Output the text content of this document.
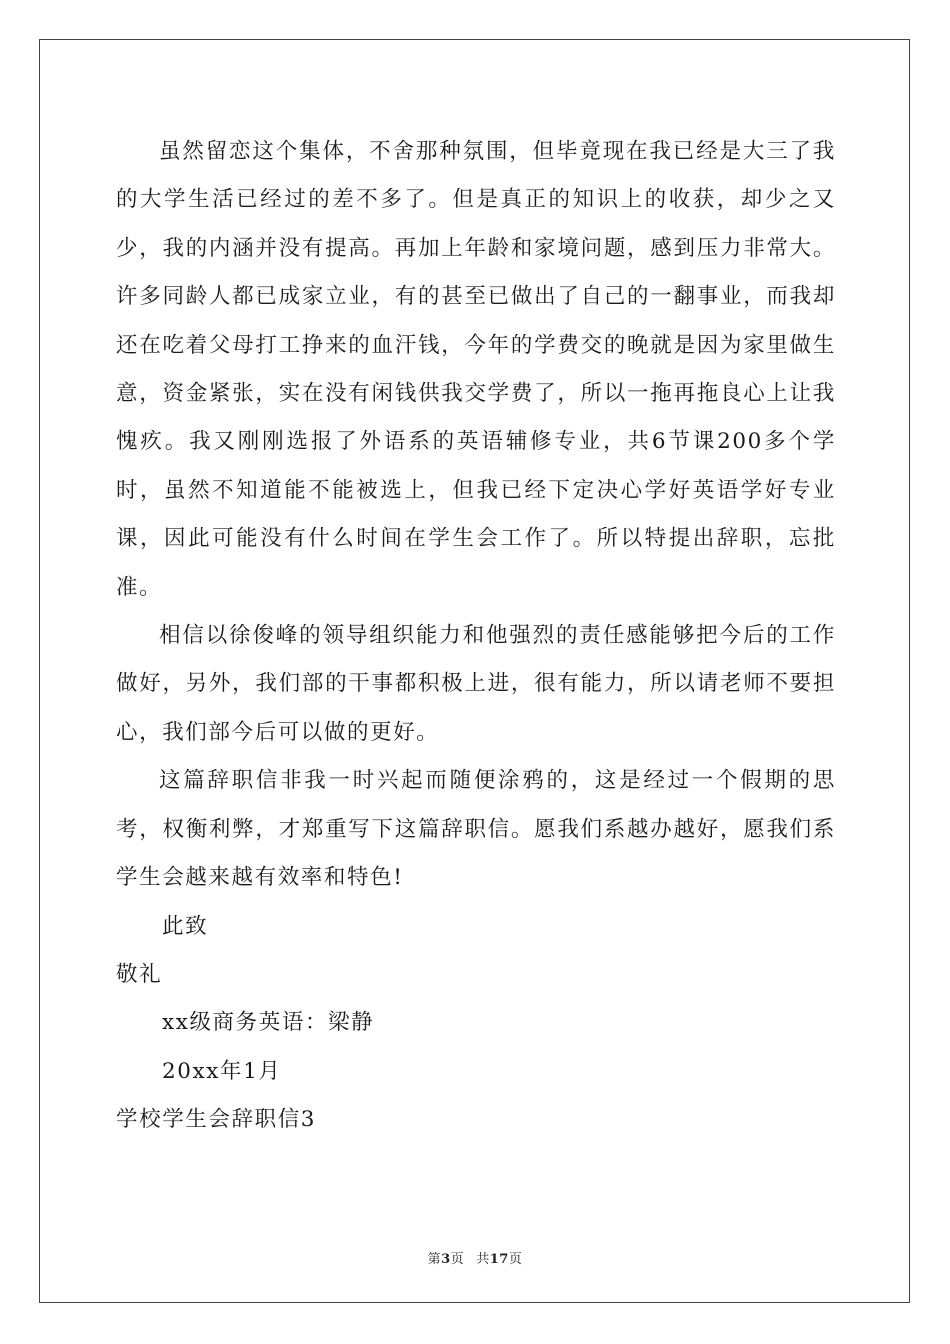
虽然留恋这个集体，不舍那种氛围，但毕竟现在我已经是大三了我的大学生活已经过的差不多了。但是真正的知识上的收获，却少之又少，我的内涵并没有提高。再加上年龄和家境问题，感到压力非常大。许多同龄人都已成家立业，有的甚至已做出了自己的一翻事业，而我却还在吃着父母打工挣来的血汗钱，今年的学费交的晚就是因为家里做生意，资金紧张，实在没有闲钱供我交学费了，所以一拖再拖良心上让我愧疚。我又刚刚选报了外语系的英语辅修专业，共6节课200多个学时，虽然不知道能不能被选上，但我已经下定决心学好英语学好专业课，因此可能没有什么时间在学生会工作了。所以特提出辞职，忘批准。

相信以徐俊峰的领导组织能力和他强烈的责任感能够把今后的工作做好，另外，我们部的干事都积极上进，很有能力，所以请老师不要担心，我们部今后可以做的更好。

这篇辞职信非我一时兴起而随便涂鸦的，这是经过一个假期的思考，权衡利弊，才郑重写下这篇辞职信。愿我们系越办越好，愿我们系学生会越来越有效率和特色!

此致

敬礼

xx级商务英语：梁静

20xx年1月

学校学生会辞职信3

第3页 共17页
